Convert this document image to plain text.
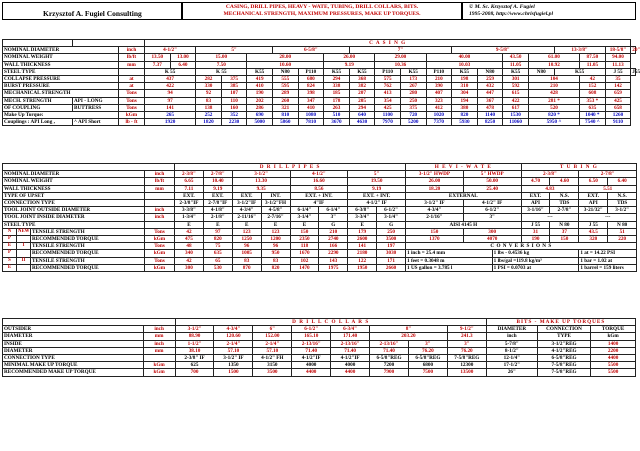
Krzysztof A. Fugiel Consulting
CASING, DRILL PIPES, HEAVY - WATE, TUBING, DRILL COLLARS, BITS.
MECHANICAL STRENGTH, MAXIMUM PRESSURES, MAKE UP TORQUES.
© M. Sc. Krzysztof A. Fugiel
1995-2008, http://www.chrisfugiel.pl
			C A S I N G																			
NOMINAL DIAMETER		inch	4-1/2"		5"			6-5/8"			7"				9-5/8"				13-3/8"		18-5/8"	20"
NOMINAL WEIGHT		lb/ft	13.50	13.00	15.00		28.00			26.00		29.00		40.00			43.50	61.00		87.50	94.00	
WALL THICKNESS		mm	7.37	6.40	7.50		10.60			9.19		10.36		10.03			11.05	10.92		11.05	11.13	
STEEL TYPE			K 55		K 55		K55	N80	P110	K55	K55	P110	K55	P110	K55	N80	K55	N80	K55		J 55	J55
COLLAPSE PRESSURE		at	437		282	375	419	555	680	294	368	575	173	210	198	259	301	104		42	35	
BURST PRESSURE		at	422		330	385	410	595	824	338	382	762	267	390	310	432	592	210		152	142	
MECHANICAL STRENGTH		Tons	94		92	107	190	289	398	185	207	413	280	407	304	447	615	428		608	659	
MECH. STRENGTH	API - LONG	Tons	97		83	110	202	260	347	178	205	354	250	323	194	367	422	281 *		353 *	425	
OF COUPLING	BUTTRESS	Tons	141		138	160	286	321	410	263	294	425	375	412	380	478	617	520		635	658	
Make Up Torque:		kGm	265		252	352	690	810	1080	510	640	1100	720	1020	820	1140	1530	820 *		1040 *	1260	
Couplings : API Long ,	^ API Short	lb - ft	1920		1820	2230	5000	5860	7810	3670	4630	7970	5200	7370	5930	8250	11060	5950 ^		7540 ^	9110	
				D R I L L P I P E S								H E V I - W A T E			T U B I N G			
NOMINAL DIAMETER			inch	2-3/8"	2-7/8"	3-1/2"		4-1/2"		5"		3-1/2" HWDP	5" HWDP		2-3/8"		2-7/8"	
NOMINAL WEIGHT			lb/ft	6.65	10.40	13.30		16.60		19.50		26.00	50.00		4.70	4.60	6.50	6.40
WALL THICKNESS			mm	7.11	9.19	9.35		8.56		9.19		18.20	25.40		4.83		5.51	
TYPE OF UPSET				EXT.	EXT.	EXT.	INT.	EXT. + INT.		EXT. + INT.		EXTERNAL			EXT.	N.S.	EXT.	N.S.
CONNECTION TYPE				2-3/8"IF	2-7/8"IF	3-1/2"IF	3-1/2"FH	4"IF		4-1/2" IF		3-1/2" IF	4-1/2" IF		API	TDS	API	TDS
TOOL JOINT OUTSIDE DIAMETER			inch	3-3/8"	4-1/8"	4-3/4"	4-5/8"	6-1/4"	6-1/4"	6-3/8"	6-1/2"	4-3/4"	6-1/2"		3-1/16"	2-7/8"	3-21/32"	3-1/2"
TOOL JOINT INSIDE DIAMETER			inch	1-3/4"	2-1/8"	2-11/16"	2-7/16"	3-1/4"	3"	3-3/4"	3-1/4"	2-1/16"	3"		---		---	
STEEL TYPE				E	E	E	E	E	G	E	G	AISI 4145 H			J 55	N 80	J 55	N 80
N	NEW	TENSILE STRENGTH	Tons	42	97	123	123	150	210	179	250	150	300		31	37	43.5	51
P		RECOMMENDED TORQUE	kGm	475	820	1250	1200	2350	2740	2600	3500	1370	4070		190	150	320	220
E	I	TENSILE STRENGTH	Tons	48	75	96	96	118	166	141	197	C O N V E R S I O N S						
P		RECOMMENDED TORQUE	kGm	340	635	1005	950	1670	2290	2180	3030	1 inch = 25.4 mm		1 lbs - 0.4536 kg			1 at = 14.22 PSI	
S	II	TENSILE STRENGTH	Tons	42	65	83	83	102	143	122	171	1 feet = 0.3048 m		1 lbs/gal =119.8 kg/m³			1 bar = 1.02 at	
E		RECOMMENDED TORQUE	kGm	300	530	870	820	1470	1975	1950	2660	1 US gallon = 3.785 l		1 PSI = 0.0703 at			1 barrel = 159 liters	
		D R I L L C O L L A R S								BITS - MAKE UP TORQUES		
OUTSIDER	inch	3-1/2"	4-3/4"	6"	6-1/2"	6-3/4"	8"		9-1/2"	DIAMETER	CONNECTION	TORQUE
DIAMETER	mm	88.90	120.60	152.00	165.10	171.40	203.20		241.3	inch	TYPE	kGm
INSIDE	inch	1-1/2"	2-1/4"	2-1/4"	2-13/16"	2-13/16"	2-13/16"	3"	3"	5-7/8"	3-1/2"REG	1400
DIAMETER	mm	38.10	57.10	57.10	71.40	71.40	71.40	76.20	76.20	8-1/2"	4-1/2"REG	2200
CONNECTION TYPE		2-3/8" IF	3-1/2" IF	4-1/2" FH	4-1/2"IF	4-1/2"IF	6-5/8"REG	6-5/8"REG	7-5/8"REG	12-1/4"	6-5/8"REG	4400
MINIMAL MAKE UP TORQUE	kGm	625	1350	3150	4000	4000	7200	6800	12300	17-1/2"	7-5/8"REG	5500
RECOMMENDED MAKE UP TORQUE	kGm	700	1500	3500	4400	4400	7900	7500	13500	26"	7-5/8"REG	5500
